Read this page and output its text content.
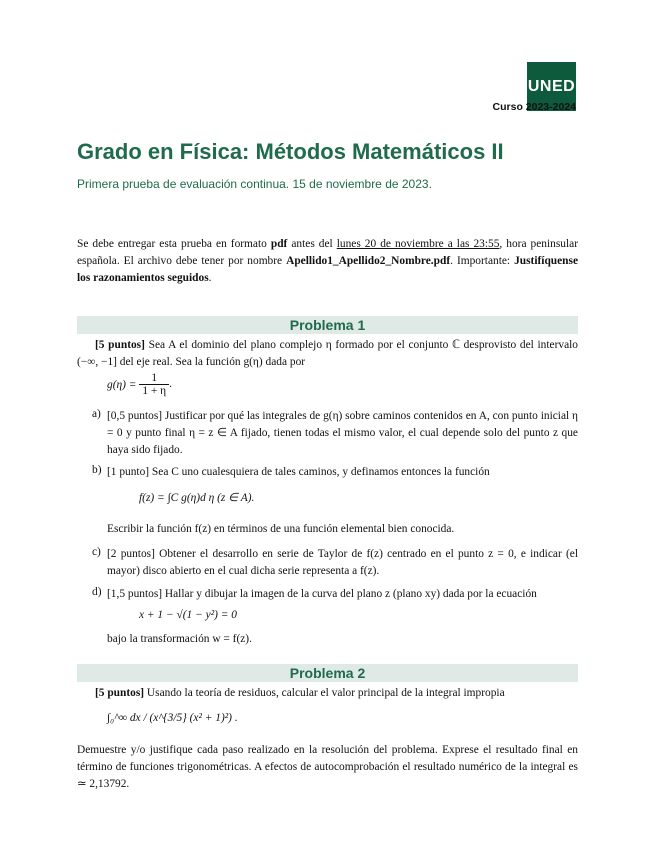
UNED
Curso 2023-2024
Grado en Física: Métodos Matemáticos II
Primera prueba de evaluación continua. 15 de noviembre de 2023.
Se debe entregar esta prueba en formato pdf antes del lunes 20 de noviembre a las 23:55, hora peninsular española. El archivo debe tener por nombre Apellido1_Apellido2_Nombre.pdf. Importante: Justifíquense los razonamientos seguidos.
Problema 1
[5 puntos] Sea A el dominio del plano complejo η formado por el conjunto ℂ desprovisto del intervalo (−∞, −1] del eje real. Sea la función g(η) dada por
$g(\eta) = \frac{1}{1 + \eta}$ .
a) [0,5 puntos] Justificar por qué las integrales de g(η) sobre caminos contenidos en A, con punto inicial η = 0 y punto final η = z ∈ A fijado, tienen todas el mismo valor, el cual depende solo del punto z que haya sido fijado.
b) [1 punto] Sea C uno cualesquiera de tales caminos, y definamos entonces la función
f(z) = ∫C g(η)d η (z ∈ A).
Escribir la función f(z) en términos de una función elemental bien conocida.
c) [2 puntos] Obtener el desarrollo en serie de Taylor de f(z) centrado en el punto z = 0, e indicar (el mayor) disco abierto en el cual dicha serie representa a f(z).
d) [1,5 puntos] Hallar y dibujar la imagen de la curva del plano z (plano xy) dada por la ecuación
x + 1 − √(1 − y²) = 0
bajo la transformación w = f(z).
Problema 2
[5 puntos] Usando la teoría de residuos, calcular el valor principal de la integral impropia
∫₀^∞ dx / (x^{3/5} (x² + 1)²) .
Demuestre y/o justifique cada paso realizado en la resolución del problema. Exprese el resultado final en término de funciones trigonométricas. A efectos de autocomprobación el resultado numérico de la integral es ≃ 2,13792.
